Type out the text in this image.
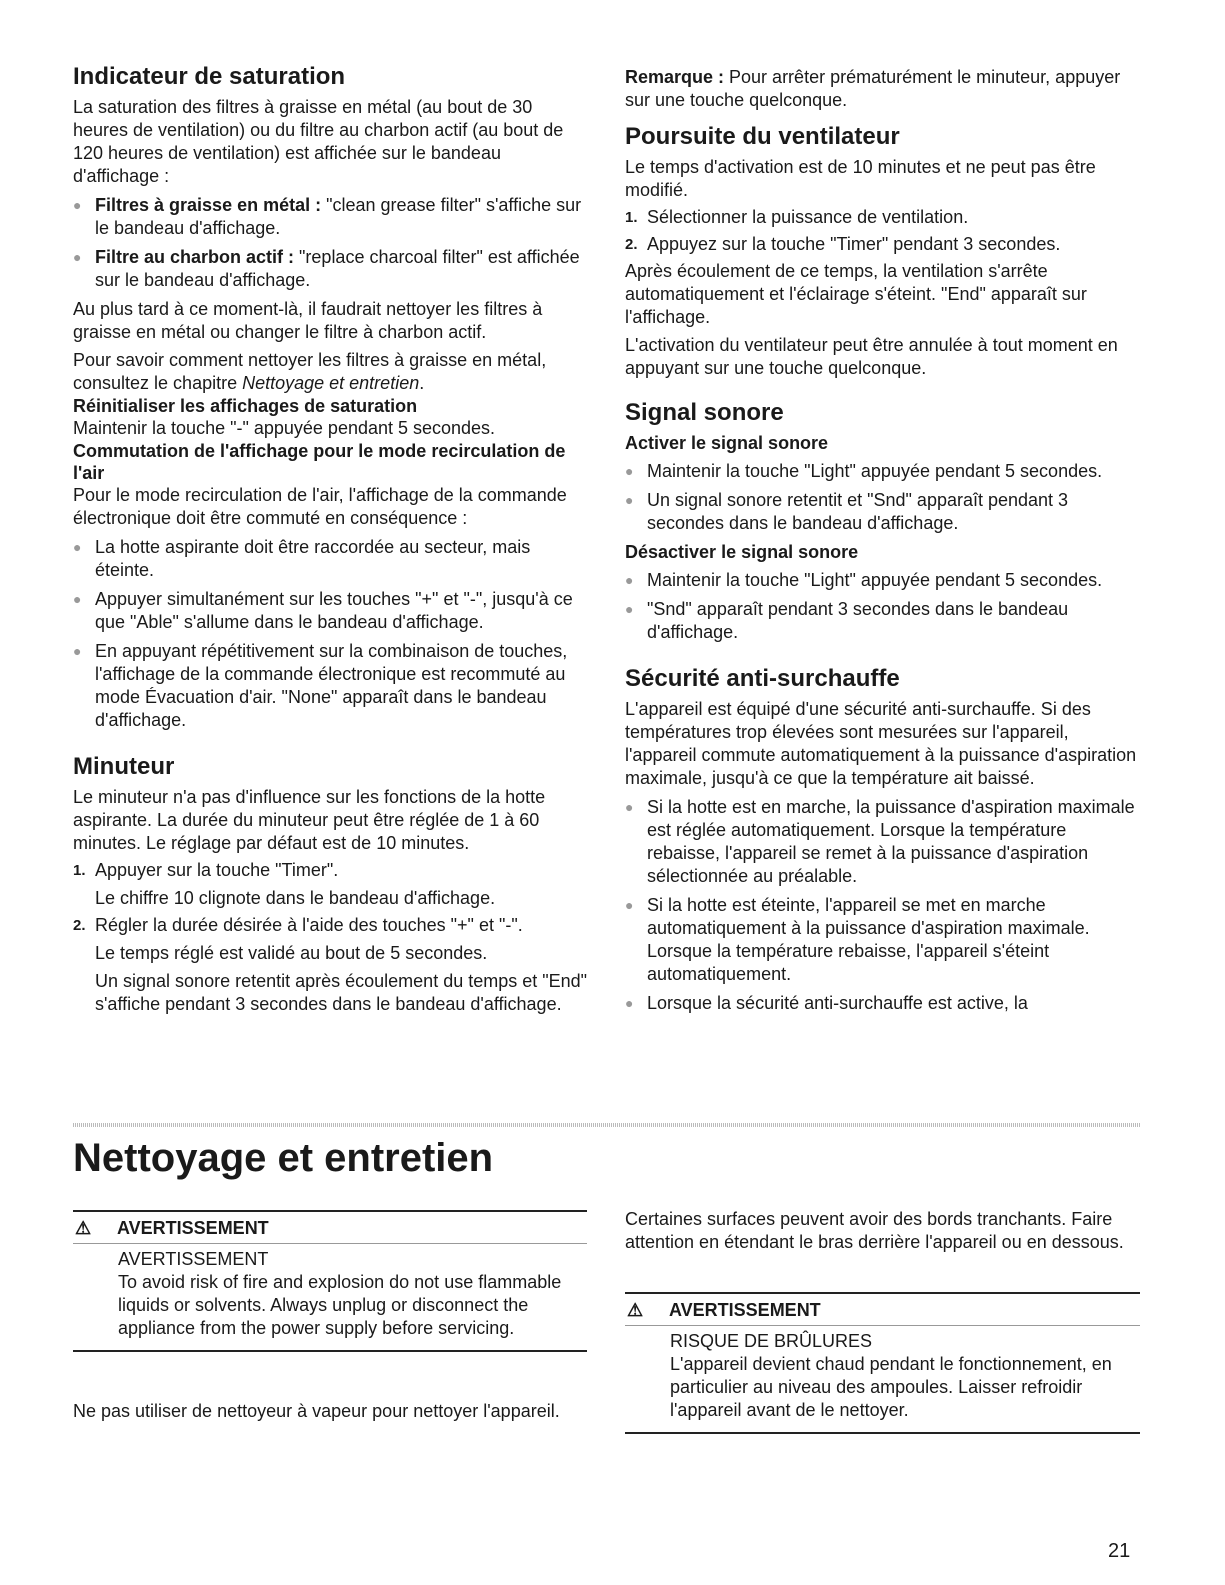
Indicateur de saturation

La saturation des filtres à graisse en métal (au bout de 30 heures de ventilation) ou du filtre au charbon actif (au bout de 120 heures de ventilation) est affichée sur le bandeau d'affichage :

● Filtres à graisse en métal : "clean grease filter" s'affiche sur le bandeau d'affichage.
● Filtre au charbon actif : "replace charcoal filter" est affichée sur le bandeau d'affichage.

Au plus tard à ce moment-là, il faudrait nettoyer les filtres à graisse en métal ou changer le filtre à charbon actif.

Pour savoir comment nettoyer les filtres à graisse en métal, consultez le chapitre Nettoyage et entretien.

Réinitialiser les affichages de saturation

Maintenir la touche "-" appuyée pendant 5 secondes.

Commutation de l'affichage pour le mode recirculation de l'air

Pour le mode recirculation de l'air, l'affichage de la commande électronique doit être commuté en conséquence :

● La hotte aspirante doit être raccordée au secteur, mais éteinte.
● Appuyer simultanément sur les touches "+" et "-", jusqu'à ce que "Able" s'allume dans le bandeau d'affichage.
● En appuyant répétitivement sur la combinaison de touches, l'affichage de la commande électronique est recommuté au mode Évacuation d'air. "None" apparaît dans le bandeau d'affichage.
Minuteur

Le minuteur n'a pas d'influence sur les fonctions de la hotte aspirante. La durée du minuteur peut être réglée de 1 à 60 minutes. Le réglage par défaut est de 10 minutes.

1. Appuyer sur la touche "Timer".
Le chiffre 10 clignote dans le bandeau d'affichage.
2. Régler la durée désirée à l'aide des touches "+" et "-".
Le temps réglé est validé au bout de 5 secondes.
Un signal sonore retentit après écoulement du temps et "End" s'affiche pendant 3 secondes dans le bandeau d'affichage.

Remarque : Pour arrêter prématurément le minuteur, appuyer sur une touche quelconque.

Poursuite du ventilateur

Le temps d'activation est de 10 minutes et ne peut pas être modifié.

1. Sélectionner la puissance de ventilation.
2. Appuyez sur la touche "Timer" pendant 3 secondes.

Après écoulement de ce temps, la ventilation s'arrête automatiquement et l'éclairage s'éteint. "End" apparaît sur l'affichage.

L'activation du ventilateur peut être annulée à tout moment en appuyant sur une touche quelconque.

Signal sonore
Activer le signal sonore
● Maintenir la touche "Light" appuyée pendant 5 secondes.
● Un signal sonore retentit et "Snd" apparaît pendant 3 secondes dans le bandeau d'affichage.
Désactiver le signal sonore
● Maintenir la touche "Light" appuyée pendant 5 secondes.
● "Snd" apparaît pendant 3 secondes dans le bandeau d'affichage.
Sécurité anti-surchauffe

L'appareil est équipé d'une sécurité anti-surchauffe. Si des températures trop élevées sont mesurées sur l'appareil, l'appareil commute automatiquement à la puissance d'aspiration maximale, jusqu'à ce que la température ait baissé.

● Si la hotte est en marche, la puissance d'aspiration maximale est réglée automatiquement. Lorsque la température rebaisse, l'appareil se remet à la puissance d'aspiration sélectionnée au préalable.
● Si la hotte est éteinte, l'appareil se met en marche automatiquement à la puissance d'aspiration maximale. Lorsque la température rebaisse, l'appareil s'éteint automatiquement.
● Lorsque la sécurité anti-surchauffe est active, la
Nettoyage et entretien
⚠	AVERTISSEMENT
AVERTISSEMENT
To avoid risk of fire and explosion do not use flammable liquids or solvents. Always unplug or disconnect the appliance from the power supply before servicing.
Ne pas utiliser de nettoyeur à vapeur pour nettoyer l'appareil.
Certaines surfaces peuvent avoir des bords tranchants. Faire attention en étendant le bras derrière l'appareil ou en dessous.
⚠	AVERTISSEMENT
RISQUE DE BRÛLURES
L'appareil devient chaud pendant le fonctionnement, en particulier au niveau des ampoules. Laisser refroidir l'appareil avant de le nettoyer.
21
